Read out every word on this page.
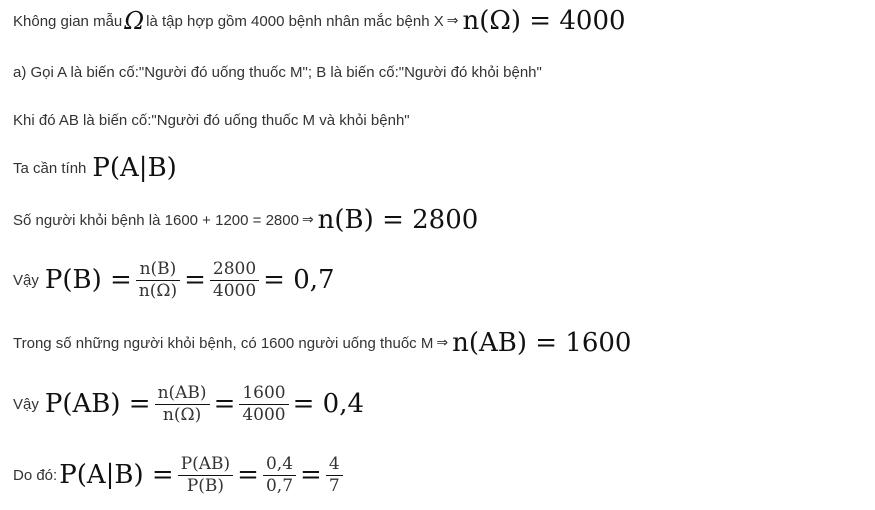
Không gian mẫu Ω là tập hợp gồm 4000 bệnh nhân mắc bệnh X ⇒ n(Ω) = 4000
a) Gọi A là biến cố:"Người đó uống thuốc M"; B là biến cố:"Người đó khỏi bệnh"
Khi đó AB là biến cố:"Người đó uống thuốc M và khỏi bệnh"
Ta cần tính P(A|B)
Số người khỏi bệnh là 1600 + 1200 = 2800 ⇒ n(B) = 2800
Vậy $P(B) = \frac{n(B)}{n(\Omega)} = \frac{2800}{4000} = 0,7$
Trong số những người khỏi bệnh, có 1600 người uống thuốc M ⇒ n(AB) = 1600
Vậy $P(AB) = \frac{n(AB)}{n(\Omega)} = \frac{1600}{4000} = 0,4$
Do đó: $P(A|B) = \frac{P(AB)}{P(B)} = \frac{0,4}{0,7} = \frac{4}{7}$
